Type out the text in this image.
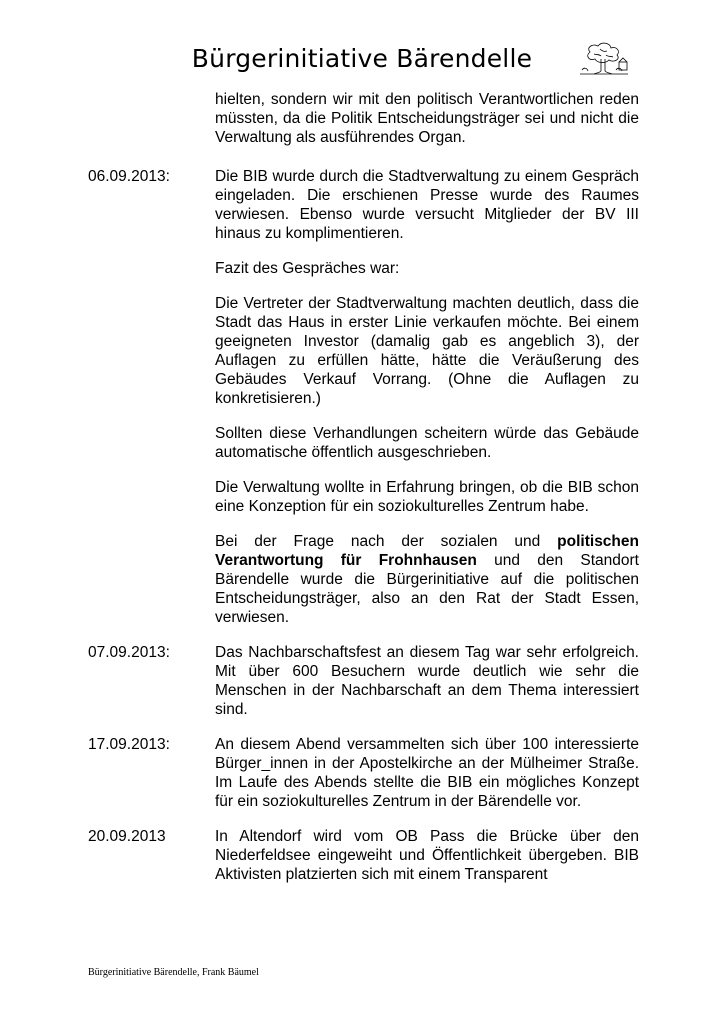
Bürgerinitiative Bärendelle

hielten, sondern wir mit den politisch Verantwortlichen reden müssten, da die Politik Entscheidungsträger sei und nicht die Verwaltung als ausführendes Organ.

06.09.2013:	Die BIB wurde durch die Stadtverwaltung zu einem Gespräch eingeladen. Die erschienen Presse wurde des Raumes verwiesen. Ebenso wurde versucht Mitglieder der BV III hinaus zu komplimentieren.

Fazit des Gespräches war:

Die Vertreter der Stadtverwaltung machten deutlich, dass die Stadt das Haus in erster Linie verkaufen möchte. Bei einem geeigneten Investor (damalig gab es angeblich 3), der Auflagen zu erfüllen hätte, hätte die Veräußerung des Gebäudes Verkauf Vorrang. (Ohne die Auflagen zu konkretisieren.)

Sollten diese Verhandlungen scheitern würde das Gebäude automatische öffentlich ausgeschrieben.

Die Verwaltung wollte in Erfahrung bringen, ob die BIB schon eine Konzeption für ein soziokulturelles Zentrum habe.

Bei der Frage nach der sozialen und politischen Verantwortung für Frohnhausen und den Standort Bärendelle wurde die Bürgerinitiative auf die politischen Entscheidungsträger, also an den Rat der Stadt Essen, verwiesen.

07.09.2013:	Das Nachbarschaftsfest an diesem Tag war sehr erfolgreich. Mit über 600 Besuchern wurde deutlich wie sehr die Menschen in der Nachbarschaft an dem Thema interessiert sind.

17.09.2013:	An diesem Abend versammelten sich über 100 interessierte Bürger_innen in der Apostelkirche an der Mülheimer Straße. Im Laufe des Abends stellte die BIB ein mögliches Konzept für ein soziokulturelles Zentrum in der Bärendelle vor.

20.09.2013	In Altendorf wird vom OB Pass die Brücke über den Niederfeldsee eingeweiht und Öffentlichkeit übergeben. BIB Aktivisten platzierten sich mit einem Transparent

Bürgerinitiative Bärendelle, Frank Bäumel
